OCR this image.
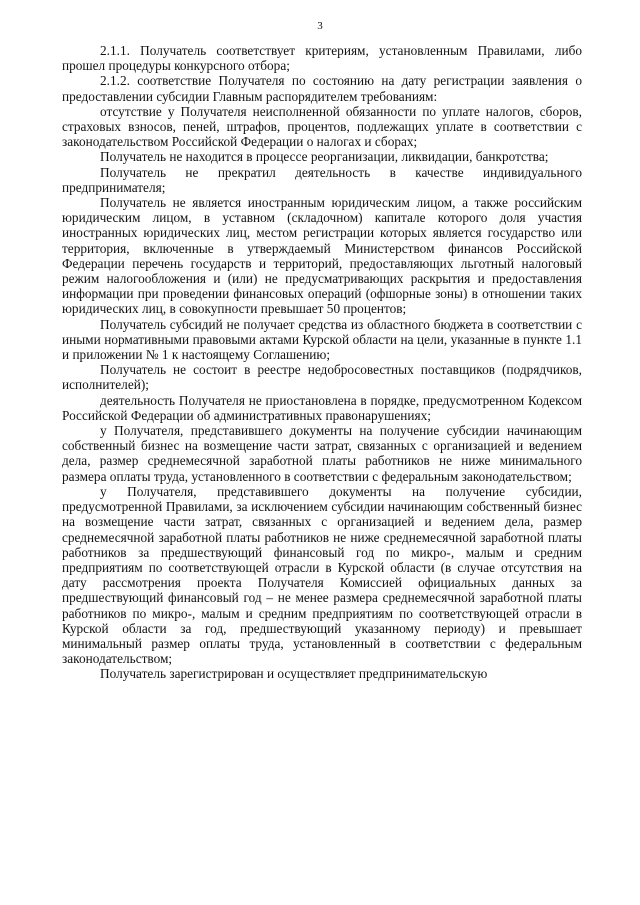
3

2.1.1. Получатель соответствует критериям, установленным Правилами, либо прошел процедуры конкурсного отбора;

2.1.2. соответствие Получателя по состоянию на дату регистрации заявления о предоставлении субсидии Главным распорядителем требованиям:

отсутствие у Получателя неисполненной обязанности по уплате налогов, сборов, страховых взносов, пеней, штрафов, процентов, подлежащих уплате в соответствии с законодательством Российской Федерации о налогах и сборах;

Получатель не находится в процессе реорганизации, ликвидации, банкротства;

Получатель не прекратил деятельность в качестве индивидуального предпринимателя;

Получатель не является иностранным юридическим лицом, а также российским юридическим лицом, в уставном (складочном) капитале которого доля участия иностранных юридических лиц, местом регистрации которых является государство или территория, включенные в утверждаемый Министерством финансов Российской Федерации перечень государств и территорий, предоставляющих льготный налоговый режим налогообложения и (или) не предусматривающих раскрытия и предоставления информации при проведении финансовых операций (офшорные зоны) в отношении таких юридических лиц, в совокупности превышает 50 процентов;

Получатель субсидий не получает средства из областного бюджета в соответствии с иными нормативными правовыми актами Курской области на цели, указанные в пункте 1.1 и приложении № 1 к настоящему Соглашению;

Получатель не состоит в реестре недобросовестных поставщиков (подрядчиков, исполнителей);

деятельность Получателя не приостановлена в порядке, предусмотренном Кодексом Российской Федерации об административных правонарушениях;

у Получателя, представившего документы на получение субсидии начинающим собственный бизнес на возмещение части затрат, связанных с организацией и ведением дела, размер среднемесячной заработной платы работников не ниже минимального размера оплаты труда, установленного в соответствии с федеральным законодательством;

у Получателя, представившего документы на получение субсидии, предусмотренной Правилами, за исключением субсидии начинающим собственный бизнес на возмещение части затрат, связанных с организацией и ведением дела, размер среднемесячной заработной платы работников не ниже среднемесячной заработной платы работников за предшествующий финансовый год по микро-, малым и средним предприятиям по соответствующей отрасли в Курской области (в случае отсутствия на дату рассмотрения проекта Получателя Комиссией официальных данных за предшествующий финансовый год – не менее размера среднемесячной заработной платы работников по микро-, малым и средним предприятиям по соответствующей отрасли в Курской области за год, предшествующий указанному периоду) и превышает минимальный размер оплаты труда, установленный в соответствии с федеральным законодательством;

Получатель зарегистрирован и осуществляет предпринимательскую
